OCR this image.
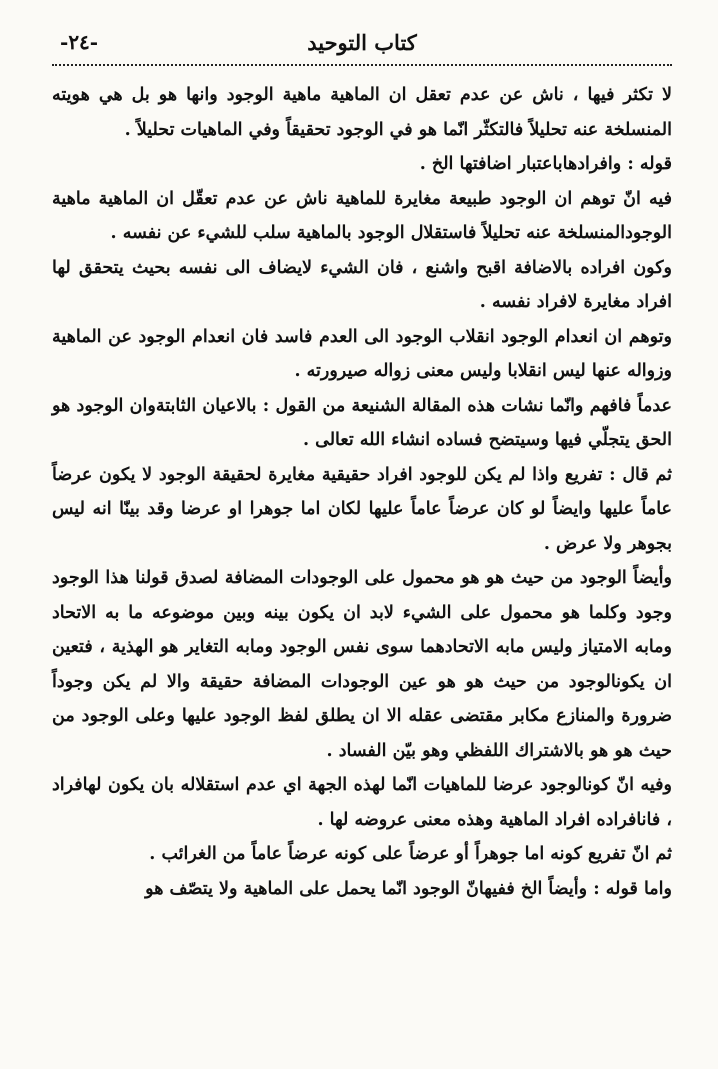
-٢٤-	كتاب التوحيد

لا تكثر فيها ، ناش عن عدم تعقل ان الماهية ماهية الوجود وانها هو بل هي هويته المنسلخة عنه تحليلاً فالتكثّر انّما هو في الوجود تحقيقاً وفي الماهيات تحليلاً .

قوله : وافرادهاباعتبار اضافتها الخ .

فيه انّ توهم ان الوجود طبيعة مغايرة للماهية ناش عن عدم تعقّل ان الماهية ماهية الوجودالمنسلخة عنه تحليلاً فاستقلال الوجود بالماهية سلب للشيء عن نفسه .

وكون افراده بالاضافة اقبح واشنع ، فان الشيء لايضاف الى نفسه بحيث يتحقق لها افراد مغايرة لافراد نفسه .

وتوهم ان انعدام الوجود انقلاب الوجود الى العدم فاسد فان انعدام الوجود عن الماهية وزواله عنها ليس انقلابا وليس معنى زواله صيرورته .

عدماً فافهم وانّما نشات هذه المقالة الشنيعة من القول : بالاعيان الثابتةوان الوجود هو الحق يتجلّي فيها وسيتضح فساده انشاء الله تعالى .

ثم قال : تفريع واذا لم يكن للوجود افراد حقيقية مغايرة لحقيقة الوجود لا يكون عرضاً عاماً عليها وايضاً لو كان عرضاً عاماً عليها لكان اما جوهرا او عرضا وقد بينّا انه ليس بجوهر ولا عرض .

وأيضاً الوجود من حيث هو هو محمول على الوجودات المضافة لصدق قولنا هذا الوجود وجود وكلما هو محمول على الشيء لابد ان يكون بينه وبين موضوعه ما به الاتحاد ومابه الامتياز وليس مابه الاتحادهما سوى نفس الوجود ومابه التغاير هو الهذية ، فتعين ان يكونالوجود من حيث هو هو عين الوجودات المضافة حقيقة والا لم يكن وجوداً ضرورة والمنازع مكابر مقتضى عقله الا ان يطلق لفظ الوجود عليها وعلى الوجود من حيث هو هو بالاشتراك اللفظي وهو بيّن الفساد .

وفيه انّ كونالوجود عرضا للماهيات انّما لهذه الجهة اي عدم استقلاله بان يكون لهافراد ، فانافراده افراد الماهية وهذه معنى عروضه لها .

ثم انّ تفريع كونه اما جوهراً أو عرضاً على كونه عرضاً عاماً من الغرائب .

واما قوله : وأيضاً الخ ففيهانّ الوجود انّما يحمل على الماهية ولا يتصّف هو
